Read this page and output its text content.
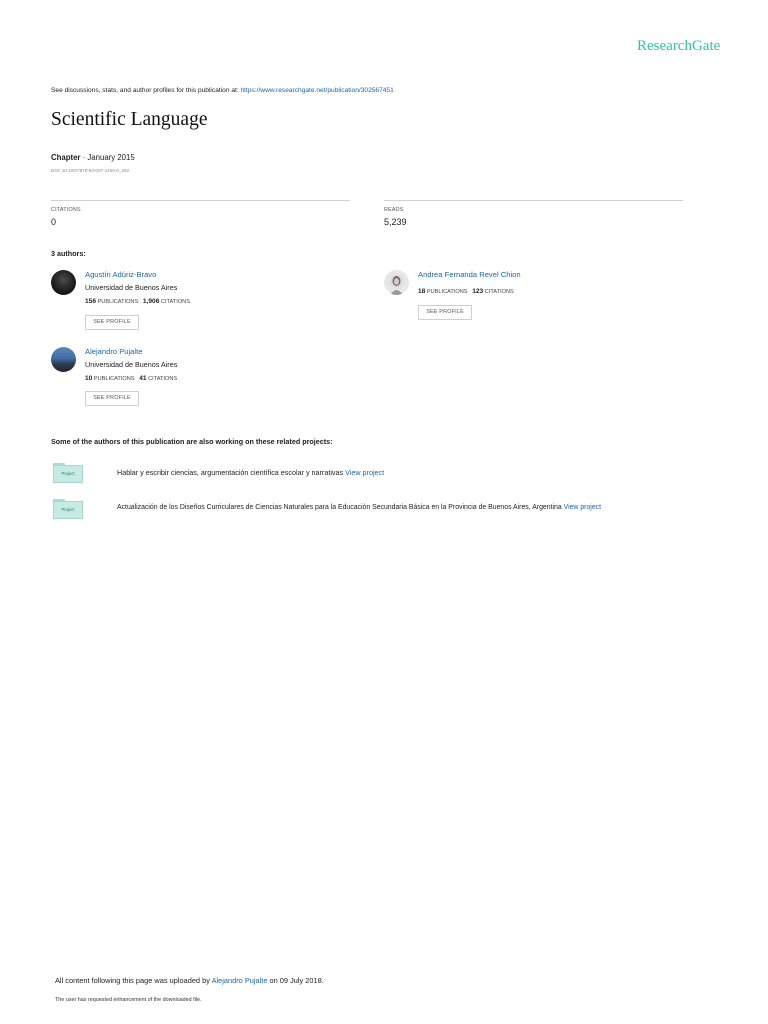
ResearchGate
See discussions, stats, and author profiles for this publication at: https://www.researchgate.net/publication/302567451
Scientific Language
Chapter · January 2015
DOI: 10.1007/978-94-007-2150-0_262
CITATIONS
0
READS
5,239
3 authors:
Agustín Adúriz-Bravo
Universidad de Buenos Aires
156 PUBLICATIONS 1,906 CITATIONS
SEE PROFILE
Andrea Fernanda Revel Chion
18 PUBLICATIONS 123 CITATIONS
SEE PROFILE
Alejandro Pujalte
Universidad de Buenos Aires
10 PUBLICATIONS 41 CITATIONS
SEE PROFILE
Some of the authors of this publication are also working on these related projects:
Project	Hablar y escribir ciencias, argumentación científica escolar y narrativas View project
Project	Actualización de los Diseños Curriculares de Ciencias Naturales para la Educación Secundaria Básica en la Provincia de Buenos Aires, Argentina View project
All content following this page was uploaded by Alejandro Pujalte on 09 July 2018.
The user has requested enhancement of the downloaded file.
